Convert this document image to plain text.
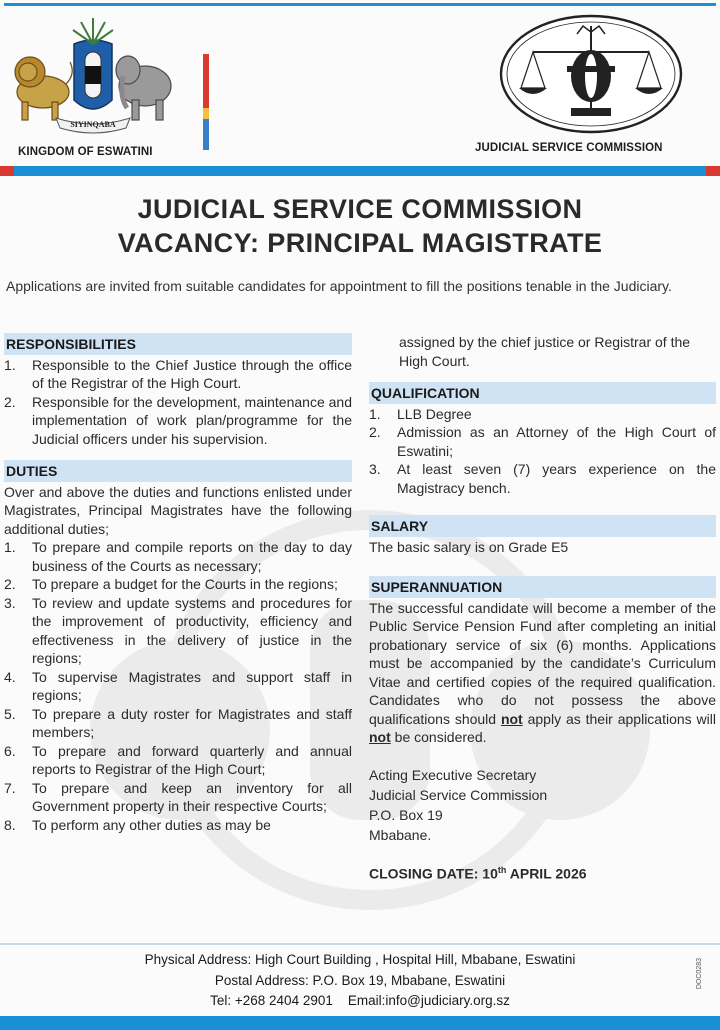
SIYINQABA
KINGDOM OF ESWATINI	JUDICIAL SERVICE COMMISSION
JUDICIAL SERVICE COMMISSION
VACANCY: PRINCIPAL MAGISTRATE
Applications are invited from suitable candidates for appointment to fill the positions tenable in the Judiciary.
RESPONSIBILITIES
1. Responsible to the Chief Justice through the office of the Registrar of the High Court.
2. Responsible for the development, maintenance and implementation of work plan/programme for the Judicial officers under his supervision.
DUTIES
Over and above the duties and functions enlisted under Magistrates, Principal Magistrates have the following additional duties;
1. To prepare and compile reports on the day to day business of the Courts as necessary;
2. To prepare a budget for the Courts in the regions;
3. To review and update systems and procedures for the improvement of productivity, efficiency and effectiveness in the delivery of justice in the regions;
4. To supervise Magistrates and support staff in regions;
5. To prepare a duty roster for Magistrates and staff members;
6. To prepare and forward quarterly and annual reports to Registrar of the High Court;
7. To prepare and keep an inventory for all Government property in their respective Courts;
8. To perform any other duties as may be
assigned by the chief justice or Registrar of the High Court.
QUALIFICATION
1. LLB Degree
2. Admission as an Attorney of the High Court of Eswatini;
3. At least seven (7) years experience on the Magistracy bench.
SALARY
The basic salary is on Grade E5
SUPERANNUATION
The successful candidate will become a member of the Public Service Pension Fund after completing an initial probationary service of six (6) months. Applications must be accompanied by the candidate’s Curriculum Vitae and certified copies of the required qualification. Candidates who do not possess the above qualifications should not apply as their applications will not be considered.
Acting Executive Secretary
Judicial Service Commission
P.O. Box 19
Mbabane.
CLOSING DATE: 10th APRIL 2026
Physical Address: High Court Building , Hospital Hill, Mbabane, Eswatini
Postal Address: P.O. Box 19, Mbabane, Eswatini
Tel: +268 2404 2901    Email:info@judiciary.org.sz
DOC0283
